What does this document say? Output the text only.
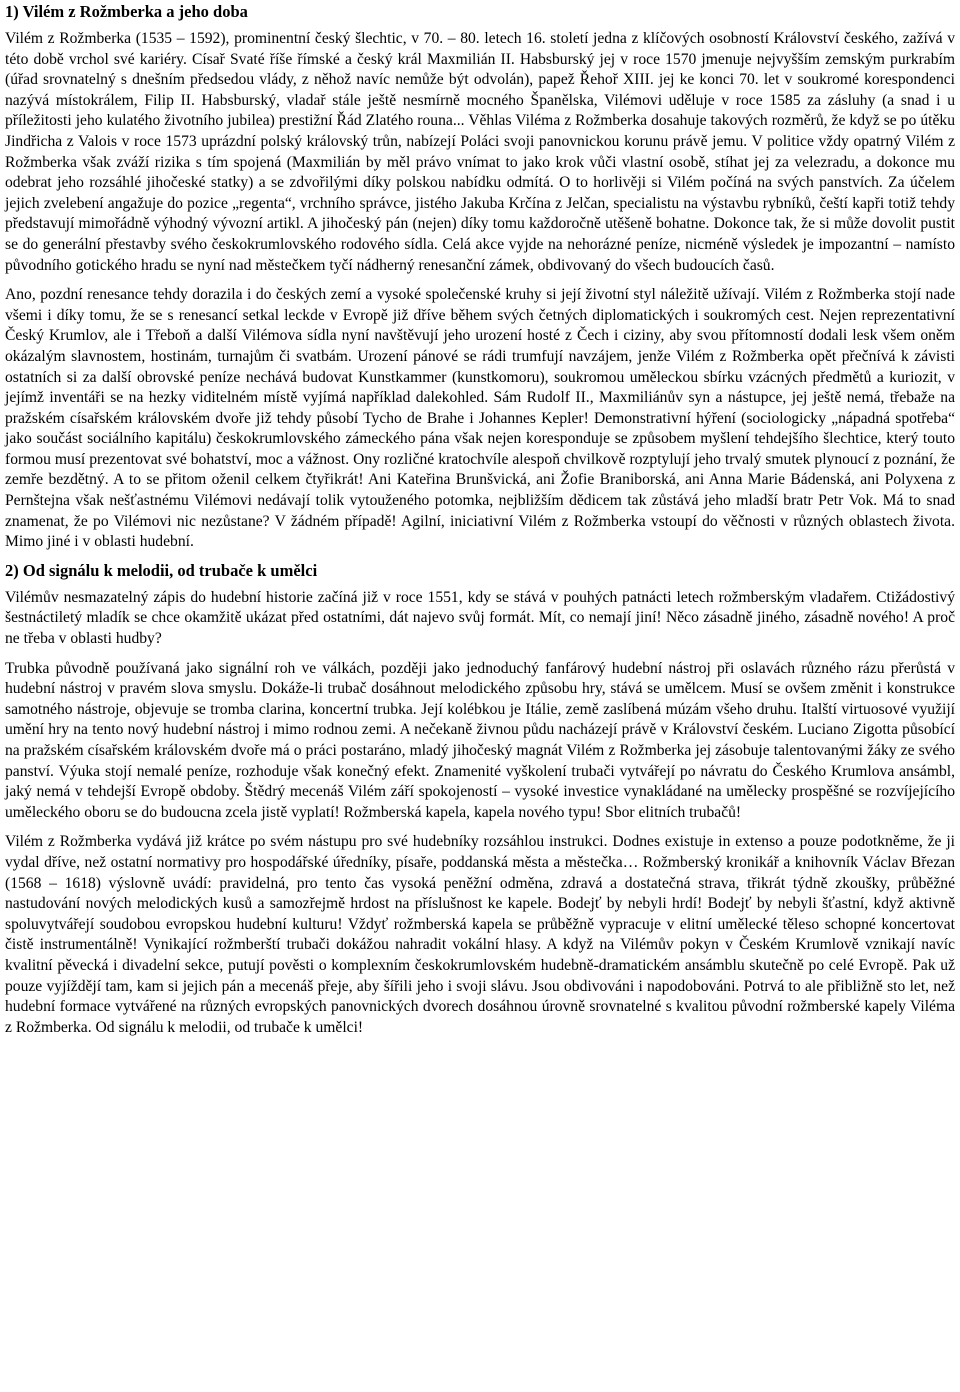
1) Vilém z Rožmberka a jeho doba

Vilém z Rožmberka (1535 – 1592), prominentní český šlechtic, v 70. – 80. letech 16. století jedna z klíčových osobností Království českého, zažívá v této době vrchol své kariéry. Císař Svaté říše římské a český král Maxmilián II. Habsburský jej v roce 1570 jmenuje nejvyšším zemským purkrabím (úřad srovnatelný s dnešním předsedou vlády, z něhož navíc nemůže být odvolán), papež Řehoř XIII. jej ke konci 70. let v soukromé korespondenci nazývá místokrálem, Filip II. Habsburský, vladař stále ještě nesmírně mocného Španělska, Vilémovi uděluje v roce 1585 za zásluhy (a snad i u příležitosti jeho kulatého životního jubilea) prestižní Řád Zlatého rouna... Věhlas Viléma z Rožmberka dosahuje takových rozměrů, že když se po útěku Jindřicha z Valois v roce 1573 uprázdní polský královský trůn, nabízejí Poláci svoji panovnickou korunu právě jemu. V politice vždy opatrný Vilém z Rožmberka však zváží rizika s tím spojená (Maxmilián by měl právo vnímat to jako krok vůči vlastní osobě, stíhat jej za velezradu, a dokonce mu odebrat jeho rozsáhlé jihočeské statky) a se zdvořilými díky polskou nabídku odmítá. O to horlivěji si Vilém počíná na svých panstvích. Za účelem jejich zvelebení angažuje do pozice „regenta“, vrchního správce, jistého Jakuba Krčína z Jelčan, specialistu na výstavbu rybníků, čeští kapři totiž tehdy představují mimořádně výhodný vývozní artikl. A jihočeský pán (nejen) díky tomu každoročně utěšeně bohatne. Dokonce tak, že si může dovolit pustit se do generální přestavby svého českokrumlovského rodového sídla. Celá akce vyjde na nehorázné peníze, nicméně výsledek je impozantní – namísto původního gotického hradu se nyní nad městečkem tyčí nádherný renesanční zámek, obdivovaný do všech budoucích časů.

Ano, pozdní renesance tehdy dorazila i do českých zemí a vysoké společenské kruhy si její životní styl náležitě užívají. Vilém z Rožmberka stojí nade všemi i díky tomu, že se s renesancí setkal leckde v Evropě již dříve během svých četných diplomatických i soukromých cest. Nejen reprezentativní Český Krumlov, ale i Třeboň a další Vilémova sídla nyní navštěvují jeho urození hosté z Čech i ciziny, aby svou přítomností dodali lesk všem oněm okázalým slavnostem, hostinám, turnajům či svatbám. Urození pánové se rádi trumfují navzájem, jenže Vilém z Rožmberka opět přečnívá k závisti ostatních si za další obrovské peníze nechává budovat Kunstkammer (kunstkomoru), soukromou uměleckou sbírku vzácných předmětů a kuriozit, v jejímž inventáři se na hezky viditelném místě vyjímá například dalekohled. Sám Rudolf II., Maxmiliánův syn a nástupce, jej ještě nemá, třebaže na pražském císařském královském dvoře již tehdy působí Tycho de Brahe i Johannes Kepler! Demonstrativní hýření (sociologicky „nápadná spotřeba“ jako součást sociálního kapitálu) českokrumlovského zámeckého pána však nejen koresponduje se způsobem myšlení tehdejšího šlechtice, který touto formou musí prezentovat své bohatství, moc a vážnost. Ony rozličné kratochvíle alespoň chvilkově rozptylují jeho trvalý smutek plynoucí z poznání, že zemře bezdětný. A to se přitom oženil celkem čtyřikrát! Ani Kateřina Brunšvická, ani Žofie Braniborská, ani Anna Marie Bádenská, ani Polyxena z Pernštejna však nešťastnému Vilémovi nedávají tolik vytouženého potomka, nejbližším dědicem tak zůstává jeho mladší bratr Petr Vok. Má to snad znamenat, že po Vilémovi nic nezůstane? V žádném případě! Agilní, iniciativní Vilém z Rožmberka vstoupí do věčnosti v různých oblastech života. Mimo jiné i v oblasti hudební.

2) Od signálu k melodii, od trubače k umělci

Vilémův nesmazatelný zápis do hudební historie začíná již v roce 1551, kdy se stává v pouhých patnácti letech rožmberským vladařem. Ctižádostivý šestnáctiletý mladík se chce okamžitě ukázat před ostatními, dát najevo svůj formát. Mít, co nemají jiní! Něco zásadně jiného, zásadně nového! A proč ne třeba v oblasti hudby?

Trubka původně používaná jako signální roh ve válkách, později jako jednoduchý fanfárový hudební nástroj při oslavách různého rázu přerůstá v hudební nástroj v pravém slova smyslu. Dokáže-li trubač dosáhnout melodického způsobu hry, stává se umělcem. Musí se ovšem změnit i konstrukce samotného nástroje, objevuje se tromba clarina, koncertní trubka. Její kolébkou je Itálie, země zaslíbená múzám všeho druhu. Italští virtuosové využijí umění hry na tento nový hudební nástroj i mimo rodnou zemi. A nečekaně živnou půdu nacházejí právě v Království českém. Luciano Zigotta působící na pražském císařském královském dvoře má o práci postaráno, mladý jihočeský magnát Vilém z Rožmberka jej zásobuje talentovanými žáky ze svého panství. Výuka stojí nemalé peníze, rozhoduje však konečný efekt. Znamenité vyškolení trubači vytvářejí po návratu do Českého Krumlova ansámbl, jaký nemá v tehdejší Evropě obdoby. Štědrý mecenáš Vilém září spokojeností – vysoké investice vynakládané na umělecky prospěšné se rozvíjejícího uměleckého oboru se do budoucna zcela jistě vyplatí! Rožmberská kapela, kapela nového typu! Sbor elitních trubačů!

Vilém z Rožmberka vydává již krátce po svém nástupu pro své hudebníky rozsáhlou instrukci. Dodnes existuje in extenso a pouze podotkněme, že ji vydal dříve, než ostatní normativy pro hospodářské úředníky, písaře, poddanská města a městečka… Rožmberský kronikář a knihovník Václav Březan (1568 – 1618) výslovně uvádí: pravidelná, pro tento čas vysoká peněžní odměna, zdravá a dostatečná strava, třikrát týdně zkoušky, průběžné nastudování nových melodických kusů a samozřejmě hrdost na příslušnost ke kapele. Bodejť by nebyli hrdí! Bodejť by nebyli šťastní, když aktivně spoluvytvářejí soudobou evropskou hudební kulturu! Vždyť rožmberská kapela se průběžně vypracuje v elitní umělecké těleso schopné koncertovat čistě instrumentálně! Vynikající rožmberští trubači dokážou nahradit vokální hlasy. A když na Vilémův pokyn v Českém Krumlově vznikají navíc kvalitní pěvecká i divadelní sekce, putují pověsti o komplexním českokrumlovském hudebně-dramatickém ansámblu skutečně po celé Evropě. Pak už pouze vyjíždějí tam, kam si jejich pán a mecenáš přeje, aby šířili jeho i svoji slávu. Jsou obdivováni i napodobováni. Potrvá to ale přibližně sto let, než hudební formace vytvářené na různých evropských panovnických dvorech dosáhnou úrovně srovnatelné s kvalitou původní rožmberské kapely Viléma z Rožmberka. Od signálu k melodii, od trubače k umělci!
